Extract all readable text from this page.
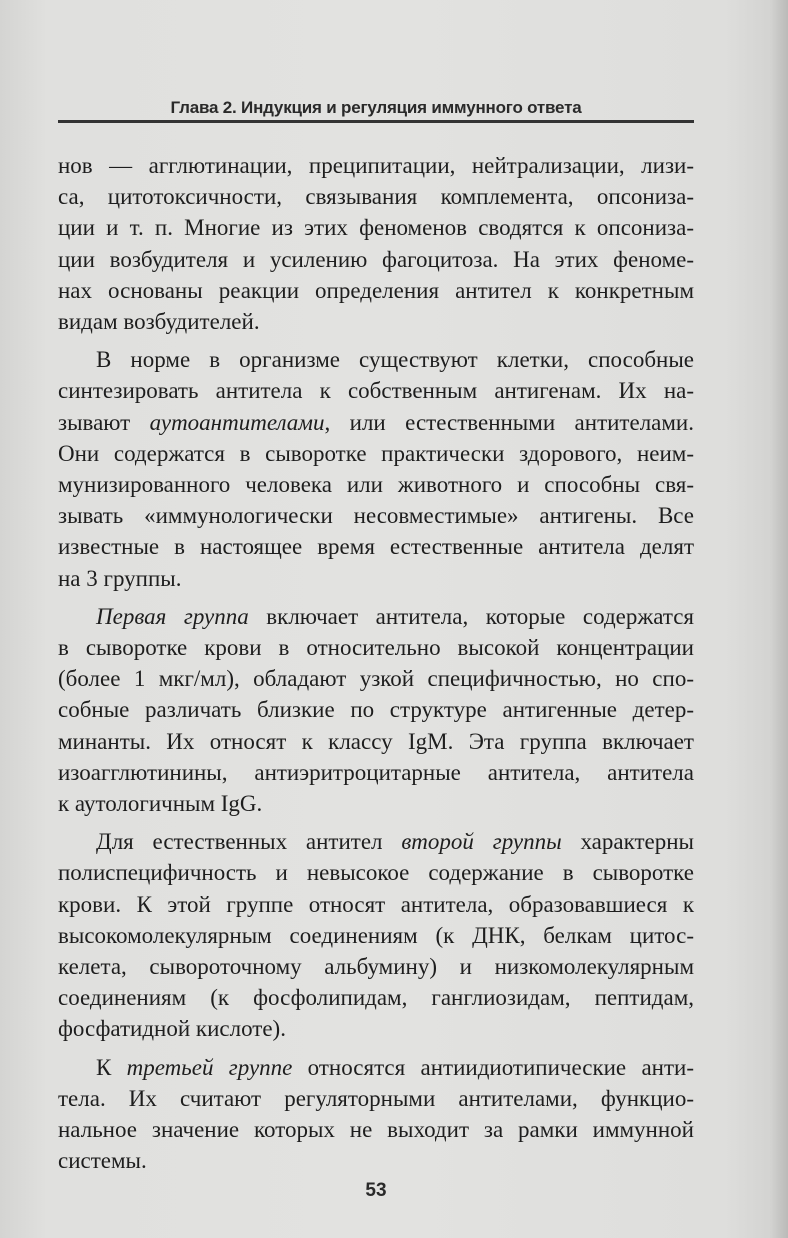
Глава 2. Индукция и регуляция иммунного ответа
нов — агглютинации, преципитации, нейтрализации, лизи-
са, цитотоксичности, связывания комплемента, опсониза-
ции и т. п. Многие из этих феноменов сводятся к опсониза-
ции возбудителя и усилению фагоцитоза. На этих феноме-
нах основаны реакции определения антител к конкретным
видам возбудителей.
В норме в организме существуют клетки, способные
синтезировать антитела к собственным антигенам. Их на-
зывают аутоантителами, или естественными антителами.
Они содержатся в сыворотке практически здорового, неим-
мунизированного человека или животного и способны свя-
зывать «иммунологически несовместимые» антигены. Все
известные в настоящее время естественные антитела делят
на 3 группы.
Первая группа включает антитела, которые содержатся
в сыворотке крови в относительно высокой концентрации
(более 1 мкг/мл), обладают узкой специфичностью, но спо-
собные различать близкие по структуре антигенные детер-
минанты. Их относят к классу IgM. Эта группа включает
изоагглютинины, антиэритроцитарные антитела, антитела
к аутологичным IgG.
Для естественных антител второй группы характерны
полиспецифичность и невысокое содержание в сыворотке
крови. К этой группе относят антитела, образовавшиеся к
высокомолекулярным соединениям (к ДНК, белкам цитос-
келета, сывороточному альбумину) и низкомолекулярным
соединениям (к фосфолипидам, ганглиозидам, пептидам,
фосфатидной кислоте).
К третьей группе относятся антиидиотипические анти-
тела. Их считают регуляторными антителами, функцио-
нальное значение которых не выходит за рамки иммунной
системы.
53
